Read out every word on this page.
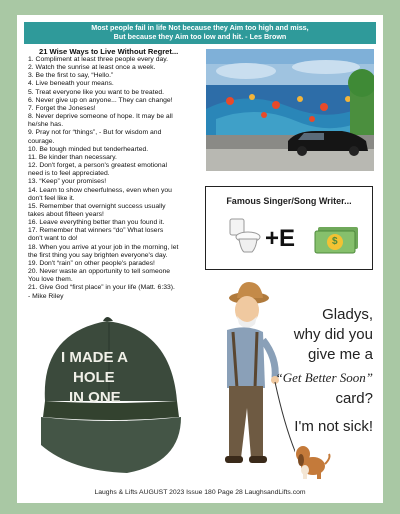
Most people fail in life Not because they Aim too high and miss,
But because they Aim too low and hit. - Les Brown
21 Wise Ways to Live Without Regret...
1. Compliment at least three people every day.
2. Watch the sunrise at least once a week.
3. Be the first to say, “Hello.”
4. Live beneath your means.
5. Treat everyone like you want to be treated.
6. Never give up on anyone... They can change!
7. Forget the Joneses!
8. Never deprive someone of hope. It may be all
he/she has.
9. Pray not for “things”, - But for wisdom and
courage.
10. Be tough minded but tenderhearted.
11. Be kinder than necessary.
12. Don't forget, a person's greatest emotional
need is to feel appreciated.
13. “Keep” your promises!
14. Learn to show cheerfulness, even when you
don't feel like it.
15. Remember that overnight success usually
takes about fifteen years!
16. Leave everything better than you found it.
17. Remember that winners “do” What losers
don't want to do!
18. When you arrive at your job in the morning, let
the first thing you say brighten everyone's day.
19. Don't “rain” on other people's parades!
20. Never waste an opportunity to tell someone
You love them.
21. Give God “first place” in your life (Matt. 6:33).
- Mike Riley
Famous Singer/Song Writer...
+E	$
I MADE A
HOLE
IN ONE
Gladys,
why did you
give me a
“Get Better Soon”
card?
I'm not sick!
Laughs & Lifts AUGUST 2023 Issue 180 Page 28 LaughsandLifts.com
